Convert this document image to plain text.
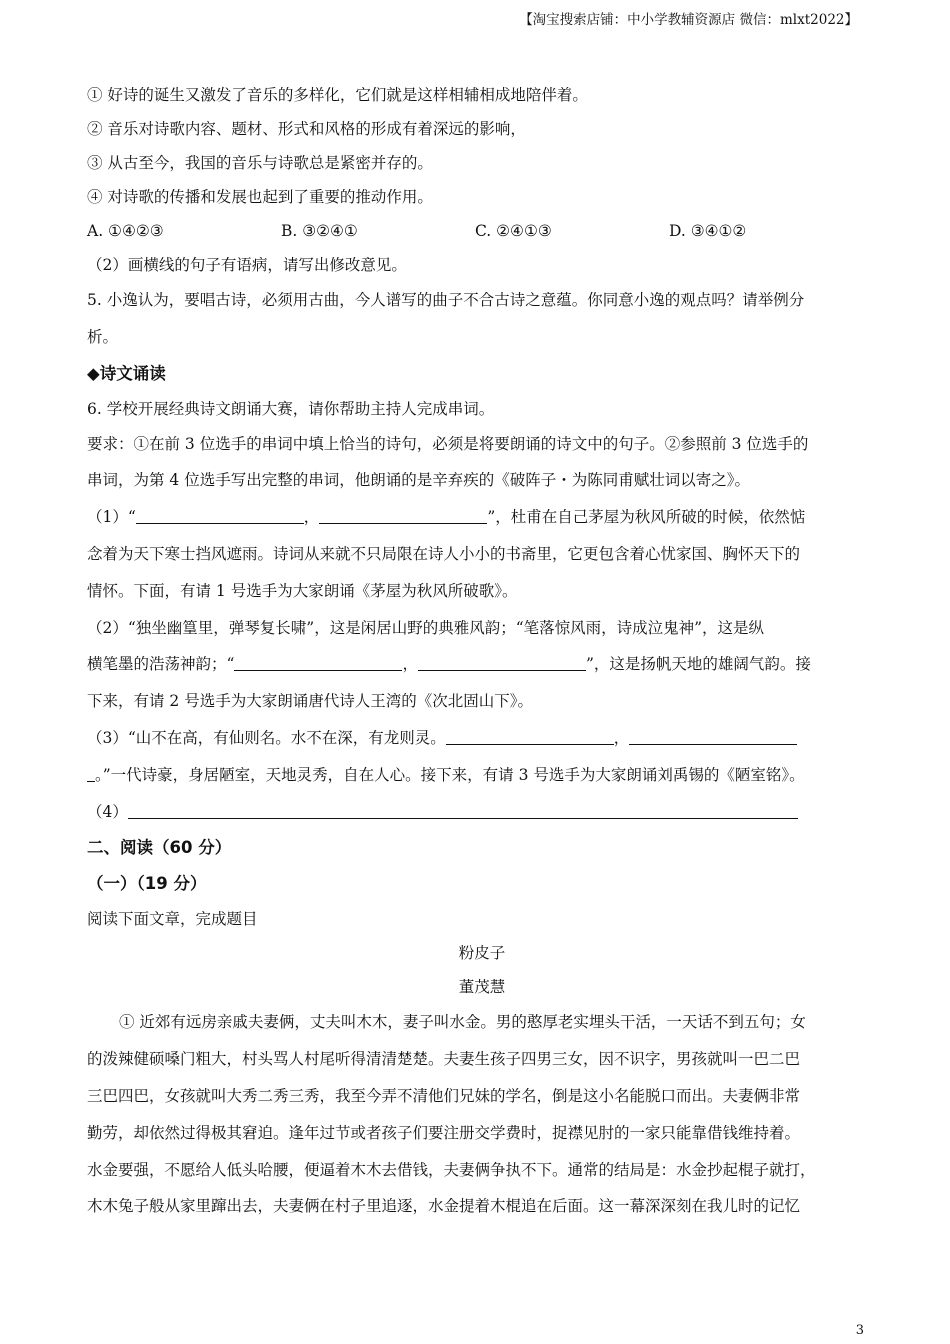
【淘宝搜索店铺：中小学教辅资源店 微信：mlxt2022】
① 好诗的诞生又激发了音乐的多样化，它们就是这样相辅相成地陪伴着。
② 音乐对诗歌内容、题材、形式和风格的形成有着深远的影响，
③ 从古至今，我国的音乐与诗歌总是紧密并存的。
④ 对诗歌的传播和发展也起到了重要的推动作用。
A. ①④②③	B. ③②④①	C. ②④①③	D. ③④①②
（2）画横线的句子有语病，请写出修改意见。
5. 小逸认为，要唱古诗，必须用古曲，今人谱写的曲子不合古诗之意蕴。你同意小逸的观点吗？请举例分
析。
◆诗文诵读
6. 学校开展经典诗文朗诵大赛，请你帮助主持人完成串词。
要求：①在前 3 位选手的串词中填上恰当的诗句，必须是将要朗诵的诗文中的句子。②参照前 3 位选手的
串词，为第 4 位选手写出完整的串词，他朗诵的是辛弃疾的《破阵子・为陈同甫赋壮词以寄之》。
（1）“	，	”，杜甫在自己茅屋为秋风所破的时候，依然惦
念着为天下寒士挡风遮雨。诗词从来就不只局限在诗人小小的书斋里，它更包含着心忧家国、胸怀天下的
情怀。下面，有请 1 号选手为大家朗诵《茅屋为秋风所破歌》。
（2）“独坐幽篁里，弹琴复长啸”，这是闲居山野的典雅风韵；“笔落惊风雨，诗成泣鬼神”，这是纵
横笔墨的浩荡神韵；“	，	”，这是扬帆天地的雄阔气韵。接
下来，有请 2 号选手为大家朗诵唐代诗人王湾的《次北固山下》。
（3）“山不在高，有仙则名。水不在深，有龙则灵。	，
。”一代诗豪，身居陋室，天地灵秀，自在人心。接下来，有请 3 号选手为大家朗诵刘禹锡的《陋室铭》。
（4）
二、阅读（60 分）
（一）（19 分）
阅读下面文章，完成题目
粉皮子
董茂慧
① 近郊有远房亲戚夫妻俩，丈夫叫木木，妻子叫水金。男的憨厚老实埋头干活，一天话不到五句；女
的泼辣健硕嗓门粗大，村头骂人村尾听得清清楚楚。夫妻生孩子四男三女，因不识字，男孩就叫一巴二巴
三巴四巴，女孩就叫大秀二秀三秀，我至今弄不清他们兄妹的学名，倒是这小名能脱口而出。夫妻俩非常
勤劳，却依然过得极其窘迫。逢年过节或者孩子们要注册交学费时，捉襟见肘的一家只能靠借钱维持着。
水金要强，不愿给人低头哈腰，便逼着木木去借钱，夫妻俩争执不下。通常的结局是：水金抄起棍子就打，
木木兔子般从家里蹿出去，夫妻俩在村子里追逐，水金提着木棍追在后面。这一幕深深刻在我儿时的记忆
3
